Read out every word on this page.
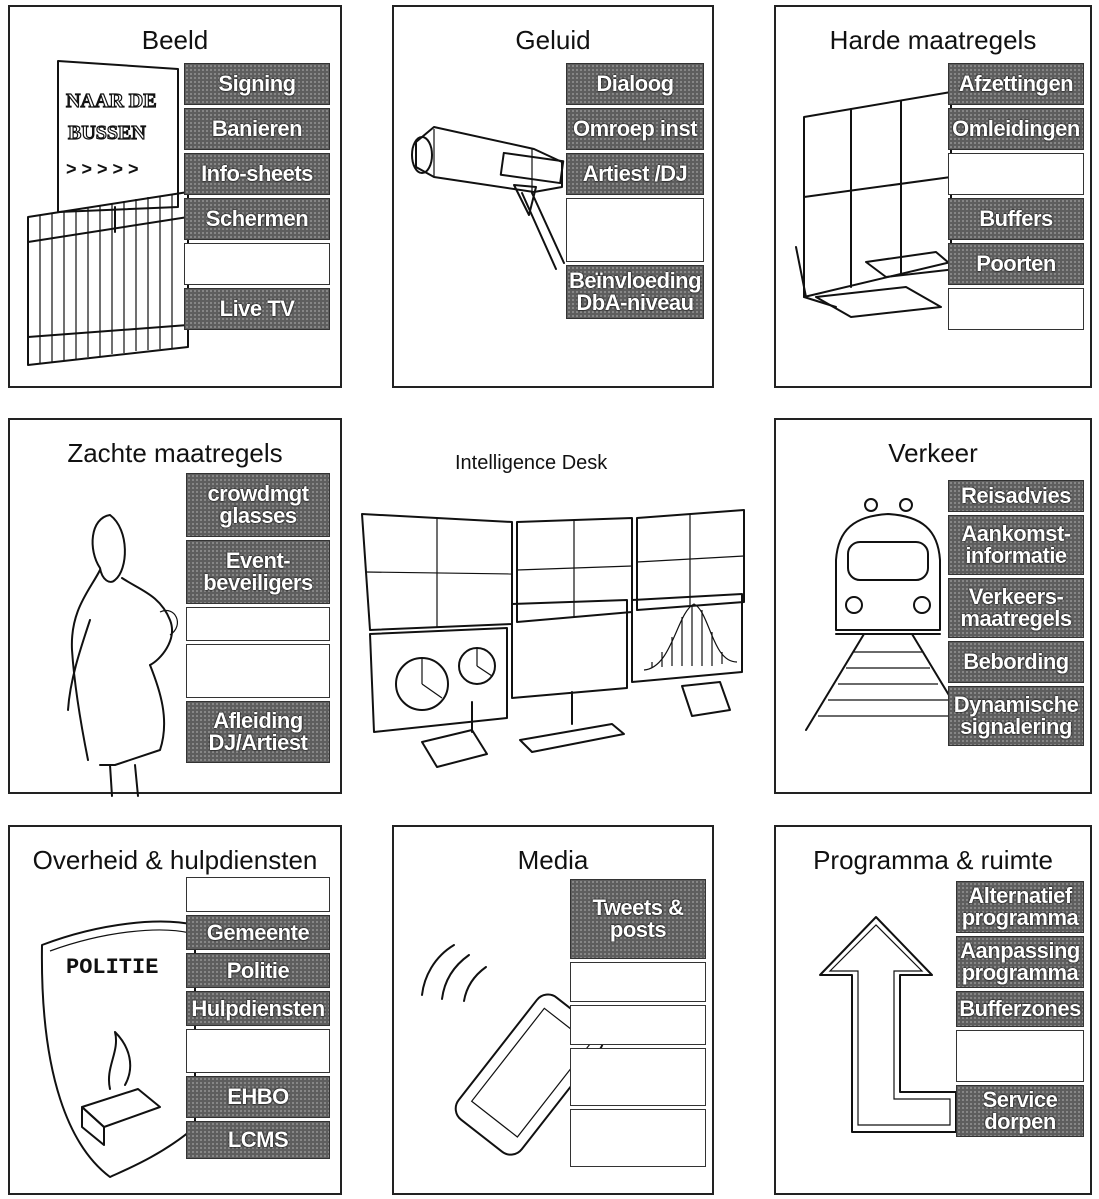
Beeld
NAAR DE
BUSSEN
> > > > >
Signing
Banieren
Info-sheets
Schermen
Live TV
Geluid
Dialoog
Omroep inst
Artiest /DJ
Beïnvloeding
DbA-niveau
Harde maatregels
Afzettingen
Omleidingen
Buffers
Poorten
Zachte maatregels
crowdmgt
glasses
Event-
beveiligers
Afleiding
DJ/Artiest
Intelligence Desk	Verkeer
Reisadvies
Aankomst-
informatie
Verkeers-
maatregels
Bebording
Dynamische
signalering
Overheid & hulpdiensten
POLITIE
Gemeente
Politie
Hulpdiensten
EHBO
LCMS
Media
Tweets &
posts
Programma & ruimte
Alternatief
programma
Aanpassing
programma
Bufferzones
Service
dorpen
